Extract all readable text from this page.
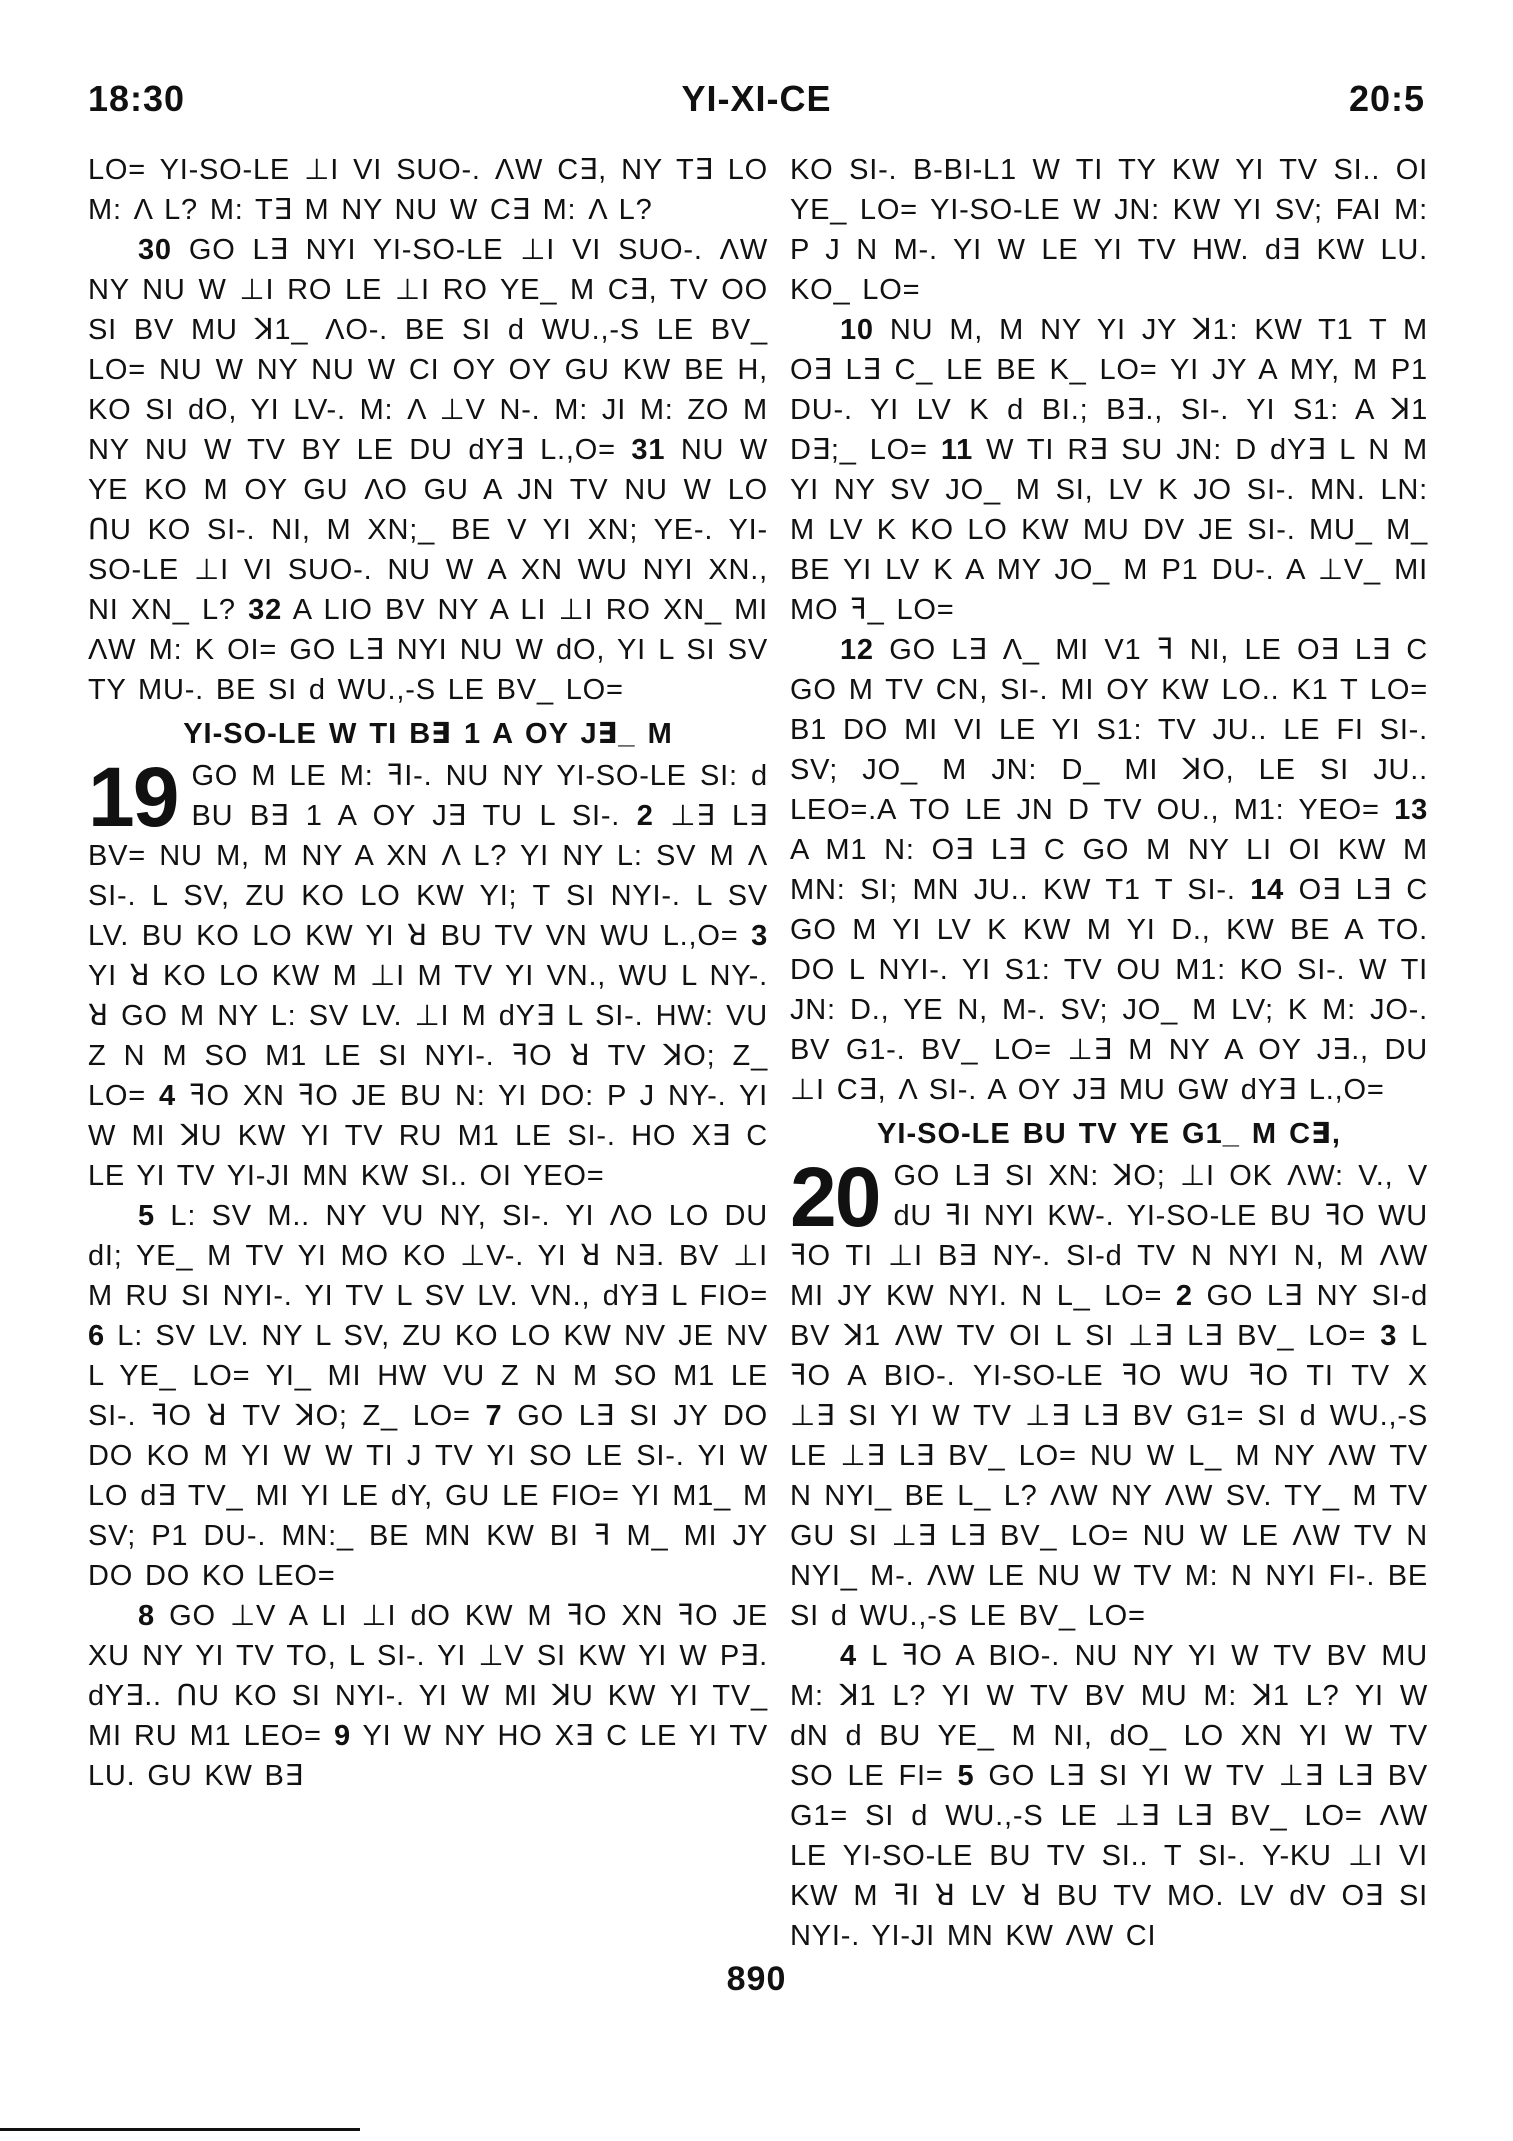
18:30	YI-XI-CE	20:5

LO= YI-SO-LE ⊥I VI SUO-. ΛW C∃, NY T∃ LO M: Λ L? M: T∃ M NY NU W C∃ M: Λ L?

30 GO L∃ NYI YI-SO-LE ⊥I VI SUO-. ΛW NY NU W ⊥I RO LE ⊥I RO YE_ M C∃, TV OO SI BV MU ꓘ1_ ΛO-. BE SI d WU.,-S LE BV_ LO= NU W NY NU W CI OY OY GU KW BE H, KO SI dO, YI LV-. M: Λ ⊥V N-. M: JI M: ZO M NY NU W TV BY LE DU dY∃ L.,O= 31 NU W YE KO M OY GU ΛO GU A JN TV NU W LO ꓵU KO SI-. NI, M XN;_ BE V YI XN; YE-. YI-SO-LE ⊥I VI SUO-. NU W A XN WU NYI XN., NI XN_ L? 32 A LIO BV NY A LI ⊥I RO XN_ MI ΛW M: K OI= GO L∃ NYI NU W dO, YI L SI SV TY MU-. BE SI d WU.,-S LE BV_ LO=

YI-SO-LE W TI B∃ 1 A OY J∃_ M

19 GO M LE M: ꟻI-. NU NY YI-SO-LE SI: d BU B∃ 1 A OY J∃ TU L SI-. 2 ⊥∃ L∃ BV= NU M, M NY A XN Λ L? YI NY L: SV M Λ SI-. L SV, ZU KO LO KW YI; T SI NYI-. L SV LV. BU KO LO KW YI ꓤ BU TV VN WU L.,O= 3 YI ꓤ KO LO KW M ⊥I M TV YI VN., WU L NY-. ꓤ GO M NY L: SV LV. ⊥I M dY∃ L SI-. HW: VU Z N M SO M1 LE SI NYI-. ꟻO ꓤ TV ꓘO; Z_ LO= 4 ꟻO XN ꟻO JE BU N: YI DO: P J NY-. YI W MI ꓘU KW YI TV RU M1 LE SI-. HO X∃ C LE YI TV YI-JI MN KW SI.. OI YEO=

5 L: SV M.. NY VU NY, SI-. YI ΛO LO DU dI; YE_ M TV YI MO KO ⊥V-. YI ꓤ N∃. BV ⊥I M RU SI NYI-. YI TV L SV LV. VN., dY∃ L FIO= 6 L: SV LV. NY L SV, ZU KO LO KW NV JE NV L YE_ LO= YI_ MI HW VU Z N M SO M1 LE SI-. ꟻO ꓤ TV ꓘO; Z_ LO= 7 GO L∃ SI JY DO DO KO M YI W W TI J TV YI SO LE SI-. YI W LO d∃ TV_ MI YI LE dY, GU LE FIO= YI M1_ M SV; P1 DU-. MN:_ BE MN KW BI ꟻ M_ MI JY DO DO KO LEO=

8 GO ⊥V A LI ⊥I dO KW M ꟻO XN ꟻO JE XU NY YI TV TO, L SI-. YI ⊥V SI KW YI W P∃. dY∃.. ꓵU KO SI NYI-. YI W MI ꓘU KW YI TV_ MI RU M1 LEO= 9 YI W NY HO X∃ C LE YI TV LU. GU KW B∃

KO SI-. B-BI-L1 W TI TY KW YI TV SI.. OI YE_ LO= YI-SO-LE W JN: KW YI SV; FAI M: P J N M-. YI W LE YI TV HW. d∃ KW LU. KO_ LO=

10 NU M, M NY YI JY ꓘ1: KW T1 T M O∃ L∃ C_ LE BE K_ LO= YI JY A MY, M P1 DU-. YI LV K d BI.; B∃., SI-. YI S1: A ꓘ1 D∃;_ LO= 11 W TI R∃ SU JN: D dY∃ L N M YI NY SV JO_ M SI, LV K JO SI-. MN. LN: M LV K KO LO KW MU DV JE SI-. MU_ M_ BE YI LV K A MY JO_ M P1 DU-. A ⊥V_ MI MO ꟻ_ LO=

12 GO L∃ Λ_ MI V1 ꟻ NI, LE O∃ L∃ C GO M TV CN, SI-. MI OY KW LO.. K1 T LO= B1 DO MI VI LE YI S1: TV JU.. LE FI SI-. SV; JO_ M JN: D_ MI ꓘO, LE SI JU.. LEO=.A TO LE JN D TV OU., M1: YEO= 13 A M1 N: O∃ L∃ C GO M NY LI OI KW M MN: SI; MN JU.. KW T1 T SI-. 14 O∃ L∃ C GO M YI LV K KW M YI D., KW BE A TO. DO L NYI-. YI S1: TV OU M1: KO SI-. W TI JN: D., YE N, M-. SV; JO_ M LV; K M: JO-. BV G1-. BV_ LO= ⊥∃ M NY A OY J∃., DU ⊥I C∃, Λ SI-. A OY J∃ MU GW dY∃ L.,O=

YI-SO-LE BU TV YE G1_ M C∃,

20 GO L∃ SI XN: ꓘO; ⊥I OK ΛW: V., V dU ꟻI NYI KW-. YI-SO-LE BU ꟻO WU ꟻO TI ⊥I B∃ NY-. SI-d TV N NYI N, M ΛW MI JY KW NYI. N L_ LO= 2 GO L∃ NY SI-d BV ꓘ1 ΛW TV OI L SI ⊥∃ L∃ BV_ LO= 3 L ꟻO A BIO-. YI-SO-LE ꟻO WU ꟻO TI TV X ⊥∃ SI YI W TV ⊥∃ L∃ BV G1= SI d WU.,-S LE ⊥∃ L∃ BV_ LO= NU W L_ M NY ΛW TV N NYI_ BE L_ L? ΛW NY ΛW SV. TY_ M TV GU SI ⊥∃ L∃ BV_ LO= NU W LE ΛW TV N NYI_ M-. ΛW LE NU W TV M: N NYI FI-. BE SI d WU.,-S LE BV_ LO=

4 L ꟻO A BIO-. NU NY YI W TV BV MU M: ꓘ1 L? YI W TV BV MU M: ꓘ1 L? YI W dN d BU YE_ M NI, dO_ LO XN YI W TV SO LE FI= 5 GO L∃ SI YI W TV ⊥∃ L∃ BV G1= SI d WU.,-S LE ⊥∃ L∃ BV_ LO= ΛW LE YI-SO-LE BU TV SI.. T SI-. Y-KU ⊥I VI KW M ꟻI ꓤ LV ꓤ BU TV MO. LV dV O∃ SI NYI-. YI-JI MN KW ΛW CI

890
